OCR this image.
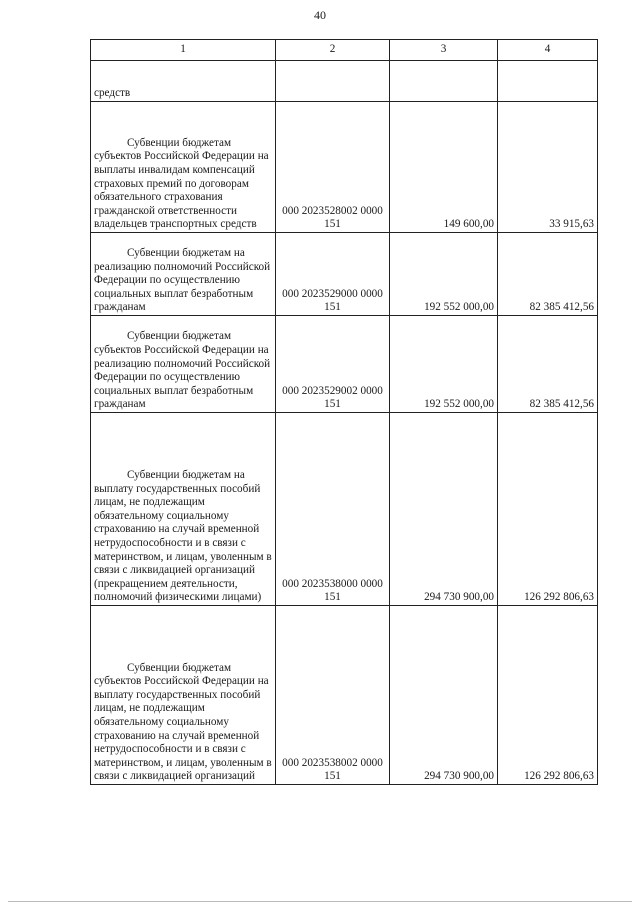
40
1	2	3	4
средств			
Субвенции бюджетам субъектов Российской Федерации на выплаты инвалидам компенсаций страховых премий по договорам обязательного страхования гражданской ответственности владельцев транспортных средств	000 2023528002 0000 151	149 600,00	33 915,63
Субвенции бюджетам на реализацию полномочий Российской Федерации по осуществлению социальных выплат безработным гражданам	000 2023529000 0000 151	192 552 000,00	82 385 412,56
Субвенции бюджетам субъектов Российской Федерации на реализацию полномочий Российской Федерации по осуществлению социальных выплат безработным гражданам	000 2023529002 0000 151	192 552 000,00	82 385 412,56
Субвенции бюджетам на выплату государственных пособий лицам, не подлежащим обязательному социальному страхованию на случай временной нетрудоспособности и в связи с материнством, и лицам, уволенным в связи с ликвидацией организаций (прекращением деятельности, полномочий физическими лицами)	000 2023538000 0000 151	294 730 900,00	126 292 806,63
Субвенции бюджетам субъектов Российской Федерации на выплату государственных пособий лицам, не подлежащим обязательному социальному страхованию на случай временной нетрудоспособности и в связи с материнством, и лицам, уволенным в связи с ликвидацией организаций	000 2023538002 0000 151	294 730 900,00	126 292 806,63
